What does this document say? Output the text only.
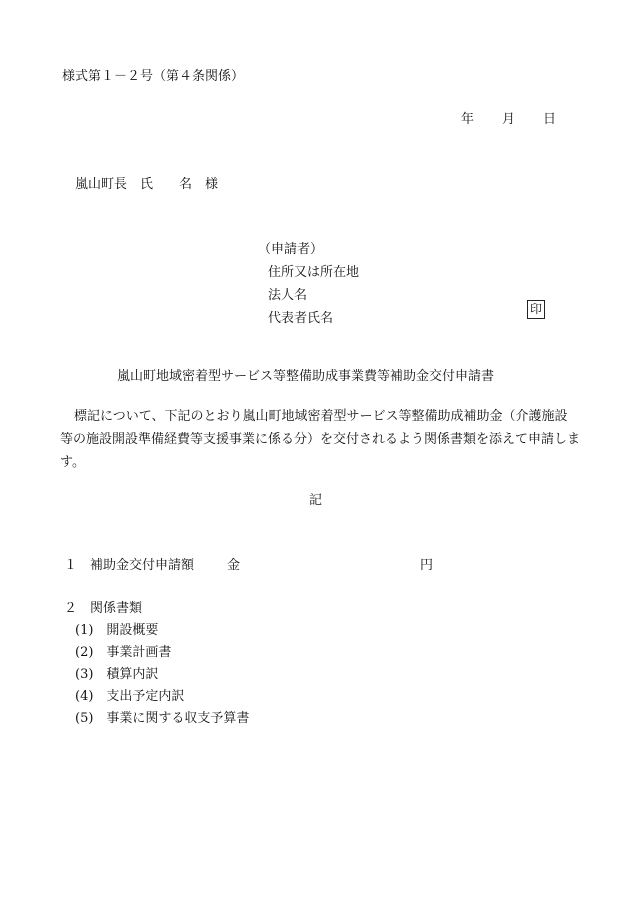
様式第１－２号（第４条関係）
年 月 日
嵐山町長　氏　　名　様
（申請者）
住所又は所在地
法人名
代表者氏名
印
嵐山町地域密着型サービス等整備助成事業費等補助金交付申請書
標記について、下記のとおり嵐山町地域密着型サービス等整備助成補助金（介護施設等の施設開設準備経費等支援事業に係る分）を交付されるよう関係書類を添えて申請します。
記
１　補助金交付申請額	金	円
２　関係書類
(1)　開設概要
(2)　事業計画書
(3)　積算内訳
(4)　支出予定内訳
(5)　事業に関する収支予算書
